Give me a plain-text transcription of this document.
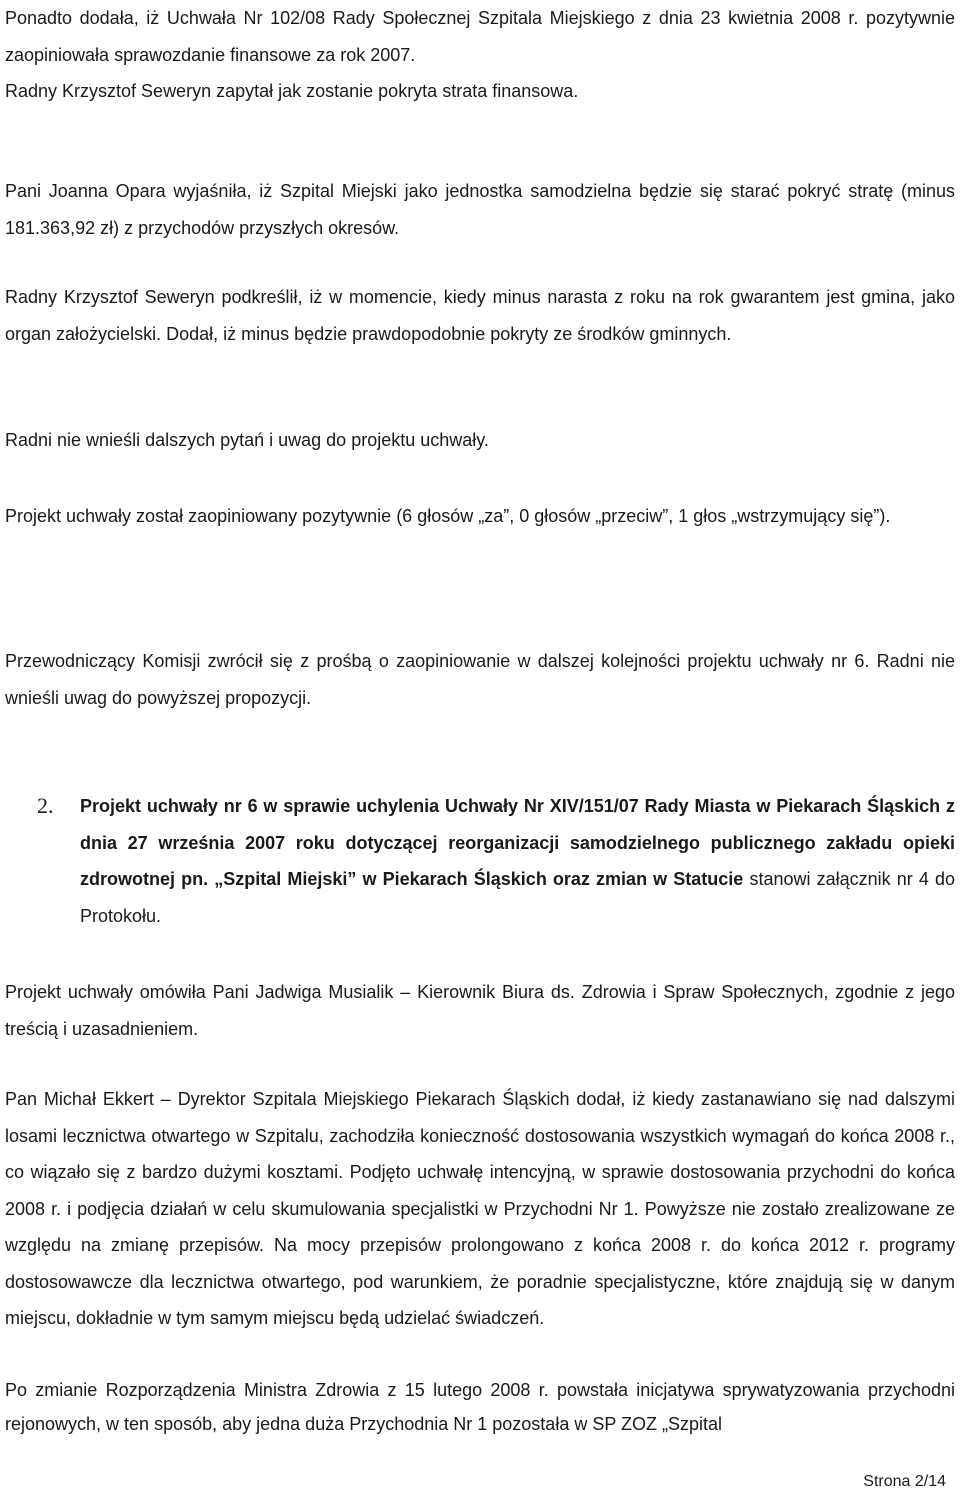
Ponadto dodała, iż Uchwała Nr 102/08 Rady Społecznej Szpitala Miejskiego z dnia 23 kwietnia 2008 r. pozytywnie zaopiniowała sprawozdanie finansowe za rok 2007.

Radny Krzysztof Seweryn zapytał jak zostanie pokryta strata finansowa.

Pani Joanna Opara wyjaśniła, iż Szpital Miejski jako jednostka samodzielna będzie się starać pokryć stratę (minus 181.363,92 zł) z przychodów przyszłych okresów.

Radny Krzysztof Seweryn podkreślił, iż w momencie, kiedy minus narasta z roku na rok gwarantem jest gmina, jako organ założycielski. Dodał, iż minus będzie prawdopodobnie pokryty ze środków gminnych.

Radni nie wnieśli dalszych pytań i uwag do projektu uchwały.

Projekt uchwały został zaopiniowany pozytywnie (6 głosów „za”, 0 głosów „przeciw”, 1 głos „wstrzymujący się”).

Przewodniczący Komisji zwrócił się z prośbą o zaopiniowanie w dalszej kolejności projektu uchwały nr 6. Radni nie wnieśli uwag do powyższej propozycji.

2. Projekt uchwały nr 6 w sprawie uchylenia Uchwały Nr XIV/151/07 Rady Miasta w Piekarach Śląskich z dnia 27 września 2007 roku dotyczącej reorganizacji samodzielnego publicznego zakładu opieki zdrowotnej pn. „Szpital Miejski” w Piekarach Śląskich oraz zmian w Statucie stanowi załącznik nr 4 do Protokołu.

Projekt uchwały omówiła Pani Jadwiga Musialik – Kierownik Biura ds. Zdrowia i Spraw Społecznych, zgodnie z jego treścią i uzasadnieniem.

Pan Michał Ekkert – Dyrektor Szpitala Miejskiego Piekarach Śląskich dodał, iż kiedy zastanawiano się nad dalszymi losami lecznictwa otwartego w Szpitalu, zachodziła konieczność dostosowania wszystkich wymagań do końca 2008 r., co wiązało się z bardzo dużymi kosztami. Podjęto uchwałę intencyjną, w sprawie dostosowania przychodni do końca 2008 r. i podjęcia działań w celu skumulowania specjalistki w Przychodni Nr 1. Powyższe nie zostało zrealizowane ze względu na zmianę przepisów. Na mocy przepisów prolongowano z końca 2008 r. do końca 2012 r. programy dostosowawcze dla lecznictwa otwartego, pod warunkiem, że poradnie specjalistyczne, które znajdują się w danym miejscu, dokładnie w tym samym miejscu będą udzielać świadczeń.

Po zmianie Rozporządzenia Ministra Zdrowia z 15 lutego 2008 r. powstała inicjatywa sprywatyzowania przychodni rejonowych, w ten sposób, aby jedna duża Przychodnia Nr 1 pozostała w SP ZOZ „Szpital

Strona 2/14
